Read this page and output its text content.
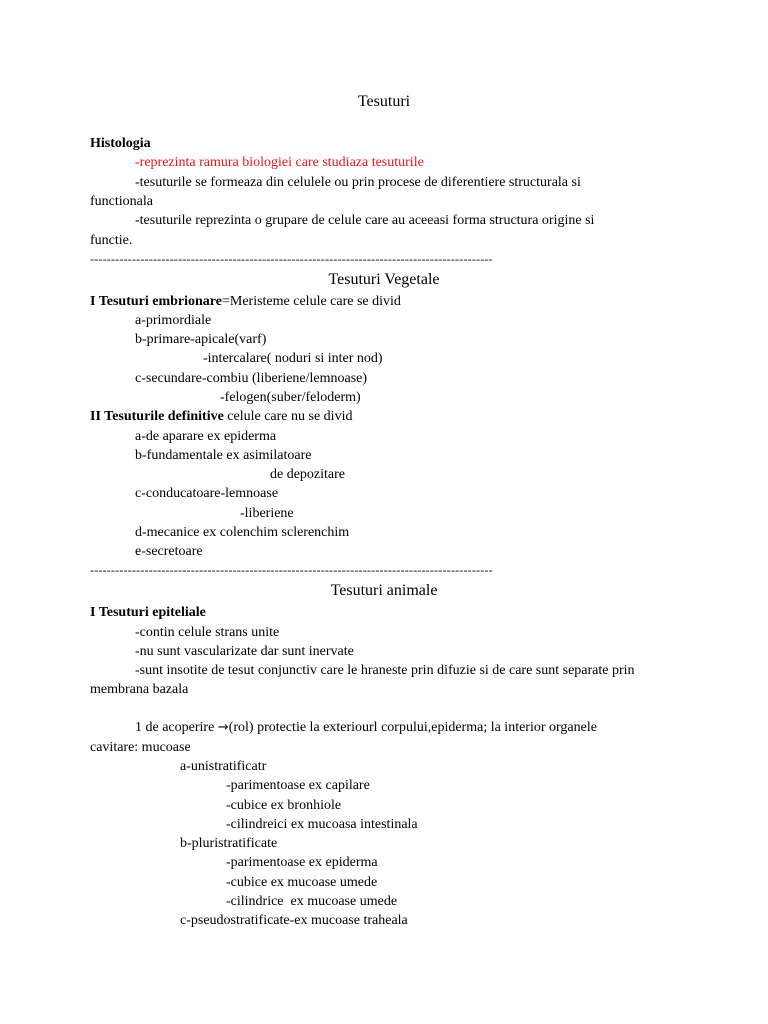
Tesuturi
Histologia
-reprezinta ramura biologiei care studiaza tesuturile
-tesuturile se formeaza din celulele ou prin procese de diferentiere structurala si
functionala
-tesuturile reprezinta o grupare de celule care au aceeasi forma structura origine si
functie.
------------------------------------------------------------------------------------------------
Tesuturi Vegetale
I Tesuturi embrionare=Meristeme celule care se divid
a-primordiale
b-primare-apicale(varf)
-intercalare( noduri si inter nod)
c-secundare-combiu (liberiene/lemnoase)
-felogen(suber/feloderm)
II Tesuturile definitive celule care nu se divid
a-de aparare ex epiderma
b-fundamentale ex asimilatoare
de depozitare
c-conducatoare-lemnoase
-liberiene
d-mecanice ex colenchim sclerenchim
e-secretoare
------------------------------------------------------------------------------------------------
Tesuturi animale
I Tesuturi epiteliale
-contin celule strans unite
-nu sunt vascularizate dar sunt inervate
-sunt insotite de tesut conjunctiv care le hraneste prin difuzie si de care sunt separate prin
membrana bazala
1 de acoperire →(rol) protectie la exteriourl corpului,epiderma; la interior organele
cavitare: mucoase
a-unistratificatr
-parimentoase ex capilare
-cubice ex bronhiole
-cilindreici ex mucoasa intestinala
b-pluristratificate
-parimentoase ex epiderma
-cubice ex mucoase umede
-cilindrice  ex mucoase umede
c-pseudostratificate-ex mucoase traheala
